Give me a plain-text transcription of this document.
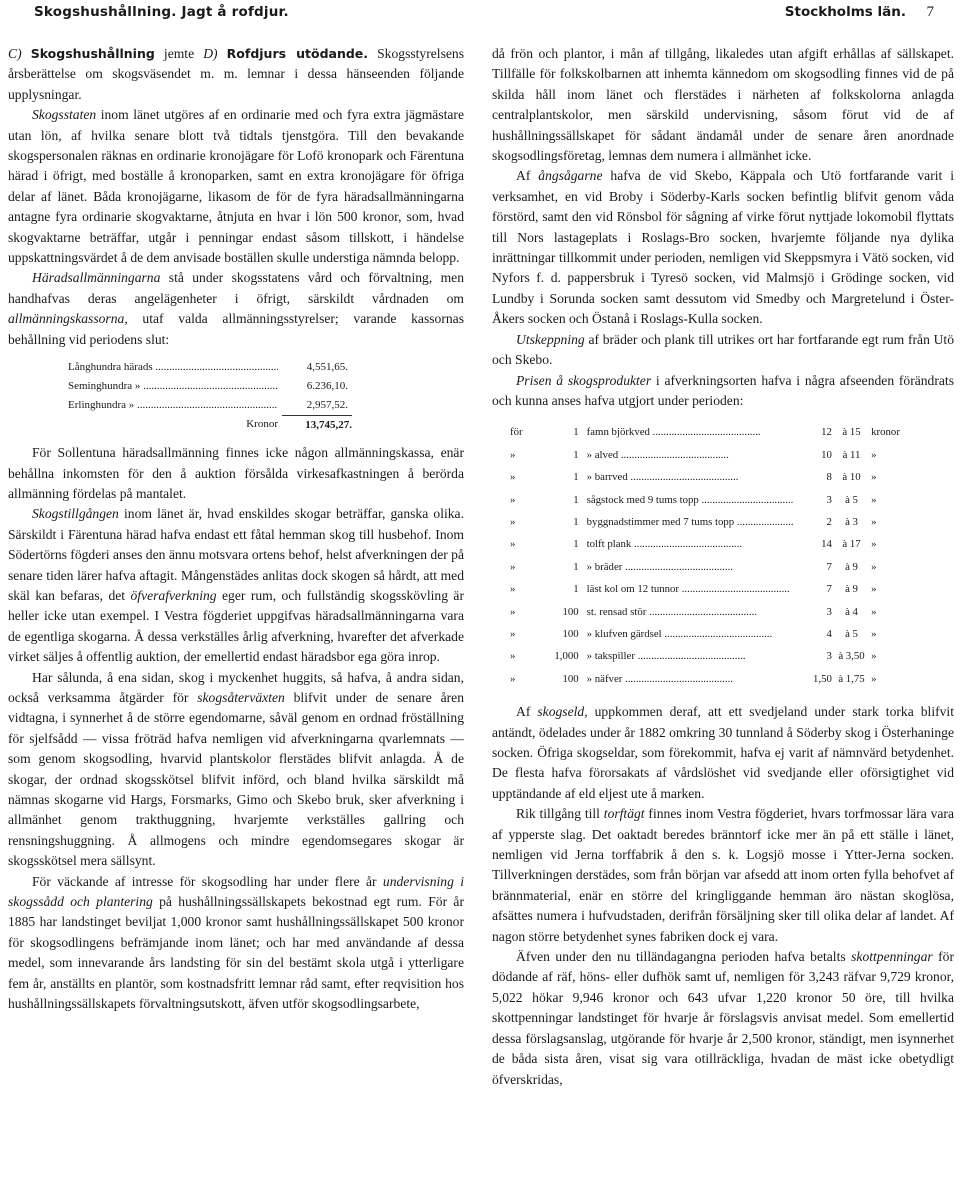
Skogshushållning. Jagt å rofdjur.	Stockholms län. 7

C) Skogshushållning jemte D) Rofdjurs utödande. Skogsstyrelsens årsberättelse om skogsväsendet m. m. lemnar i dessa hänseenden följande upplysningar.

Skogsstaten inom länet utgöres af en ordinarie med och fyra extra jägmästare utan lön, af hvilka senare blott två tidtals tjenstgöra. Till den bevakande skogspersonalen räknas en ordinarie kronojägare för Lofö kronopark och Färentuna härad i öfrigt, med boställe å kronoparken, samt en extra kronojägare för öfriga delar af länet. Båda kronojägarne, likasom de för de fyra häradsallmänningarna antagne fyra ordinarie skogvaktarne, åtnjuta en hvar i lön 500 kronor, som, hvad skogvaktarne beträffar, utgår i penningar endast såsom tillskott, i händelse uppskattningsvärdet å de dem anvisade boställen skulle understiga nämnda belopp.

Häradsallmänningarna stå under skogsstatens vård och förvaltning, men handhafvas deras angelägenheter i öfrigt, särskildt vårdnaden om allmänningskassorna, utaf valda allmänningsstyrelser; varande kassornas behållning vid periodens slut:

Långhundra härads .....	4,551,65.
Seminghundra » .....	6.236,10.
Erlinghundra » .....	2,957,52.
Kronor	13,745,27.

För Sollentuna häradsallmänning finnes icke någon allmänningskassa, enär behållna inkomsten för den å auktion försålda virkesafkastningen å berörda allmänning fördelas på mantalet.

Skogstillgången inom länet är, hvad enskildes skogar beträffar, ganska olika. Särskildt i Färentuna härad hafva endast ett fåtal hemman skog till husbehof. Inom Södertörns fögderi anses den ännu motsvara ortens behof, helst afverkningen der på senare tiden lärer hafva aftagit. Mångenstädes anlitas dock skogen så hårdt, att med skäl kan befaras, det öfverafverkning eger rum, och fullständig skogsskövling är heller icke utan exempel. I Vestra fögderiet uppgifvas häradsallmänningarna vara de egentliga skogarna. Å dessa verkställes årlig afverkning, hvarefter det afverkade virket säljes å offentlig auktion, der emellertid endast häradsbor ega göra inrop.

Har sålunda, å ena sidan, skog i myckenhet huggits, så hafva, å andra sidan, också verksamma åtgärder för skogsåterväxten blifvit under de senare åren vidtagna, i synnerhet å de större egendomarne, såväl genom en ordnad fröställning för sjelfsådd — vissa fröträd hafva nemligen vid afverkningarna qvarlemnats — som genom skogsodling, hvarvid plantskolor flerstädes blifvit anlagda. Å de skogar, der ordnad skogsskötsel blifvit införd, och bland hvilka särskildt må nämnas skogarne vid Hargs, Forsmarks, Gimo och Skebo bruk, sker afverkning i allmänhet genom trakthuggning, hvarjemte verkställes gallring och rensningshuggning. Å allmogens och mindre egendomsegares skogar är skogsskötsel mera sällsynt.

För väckande af intresse för skogsodling har under flere år undervisning i skogssådd och plantering på hushållningssällskapets bekostnad egt rum. För år 1885 har landstinget beviljat 1,000 kronor samt hushållningssällskapet 500 kronor för skogsodlingens befrämjande inom länet; och har med användande af dessa medel, som innevarande års landsting för sin del bestämt skola utgå i ytterligare fem år, anställts en plantör, som kostnadsfritt lemnar råd samt, efter reqvisition hos hushållningssällskapets förvaltningsutskott, äfven utför skogsodlingsarbete,

då frön och plantor, i mån af tillgång, likaledes utan afgift erhållas af sällskapet. Tillfälle för folkskolbarnen att inhemta kännedom om skogsodling finnes vid de på skilda håll inom länet och flerstädes i närheten af folkskolorna anlagda centralplantskolor, men särskild undervisning, såsom förut vid de af hushållningssällskapet för sådant ändamål under de senare åren anordnade skogsodlingsföretag, lemnas dem numera i allmänhet icke.

Af ångsågarne hafva de vid Skebo, Käppala och Utö fortfarande varit i verksamhet, en vid Broby i Söderby-Karls socken befintlig blifvit genom våda förstörd, samt den vid Rönsbol för sågning af virke förut nyttjade lokomobil flyttats till Nors lastageplats i Roslags-Bro socken, hvarjemte följande nya dylika inrättningar tillkommit under perioden, nemligen vid Skeppsmyra i Vätö socken, vid Nyfors f. d. pappersbruk i Tyresö socken, vid Malmsjö i Grödinge socken, vid Lundby i Sorunda socken samt dessutom vid Smedby och Margretelund i Öster-Åkers socken och Östanå i Roslags-Kulla socken.

Utskeppning af bräder och plank till utrikes ort har fortfarande egt rum från Utö och Skebo.

Prisen å skogsprodukter i afverkningsorten hafva i några afseenden förändrats och kunna anses hafva utgjort under perioden:

för	1 famn björkved .....	12 à 15 kronor
»	1 » alved .....	10 à 11 »
»	1 » barrved .....	8 à 10 »
»	1 sågstock med 9 tums topp .....	3	à 5	»
»	1 byggnadstimmer med 7 tums topp .....	2	à 3	»
»	1 tolft plank .....	14 à 17 »
»	1 » bräder .....	7	à 9	»
»	1 läst kol om 12 tunnor .....	7	à 9	»
»	100 st. rensad stör .....	3	à 4	»
»	100 » klufven gärdsel .....	4	à 5	»
»	1,000 » takspiller .....	3 à 3,50 »
»	100 » näfver .....	1,50 à 1,75 »

Af skogseld, uppkommen deraf, att ett svedjeland under stark torka blifvit antändt, ödelades under år 1882 omkring 30 tunnland å Söderby skog i Österhaninge socken. Öfriga skogseldar, som förekommit, hafva ej varit af nämnvärd betydenhet. De flesta hafva förorsakats af vårdslöshet vid svedjande eller oförsigtighet vid upptändande af eld eljest ute å marken.

Rik tillgång till torftägt finnes inom Vestra fögderiet, hvars torfmossar lära vara af ypperste slag. Det oaktadt beredes bränntorf icke mer än på ett ställe i länet, nemligen vid Jerna torffabrik å den s. k. Logsjö mosse i Ytter-Jerna socken. Tillverkningen derstädes, som från början var afsedd att inom orten fylla behofvet af brännmaterial, enär en större del kringliggande hemman äro nästan skoglösa, afsättes numera i hufvudstaden, derifrån försäljning sker till olika delar af landet. Af nagon större betydenhet synes fabriken dock ej vara.

Äfven under den nu tilländagangna perioden hafva betalts skottpenningar för dödande af räf, höns- eller dufhök samt uf, nemligen för 3,243 räfvar 9,729 kronor, 5,022 hökar 9,946 kronor och 643 ufvar 1,220 kronor 50 öre, till hvilka skottpenningar landstinget för hvarje år förslagsvis anvisat medel. Som emellertid dessa förslagsanslag, utgörande för hvarje år 2,500 kronor, ständigt, men isynnerhet de båda sista åren, visat sig vara otillräckliga, hvadan de mäst icke obetydligt öfverskridas,
